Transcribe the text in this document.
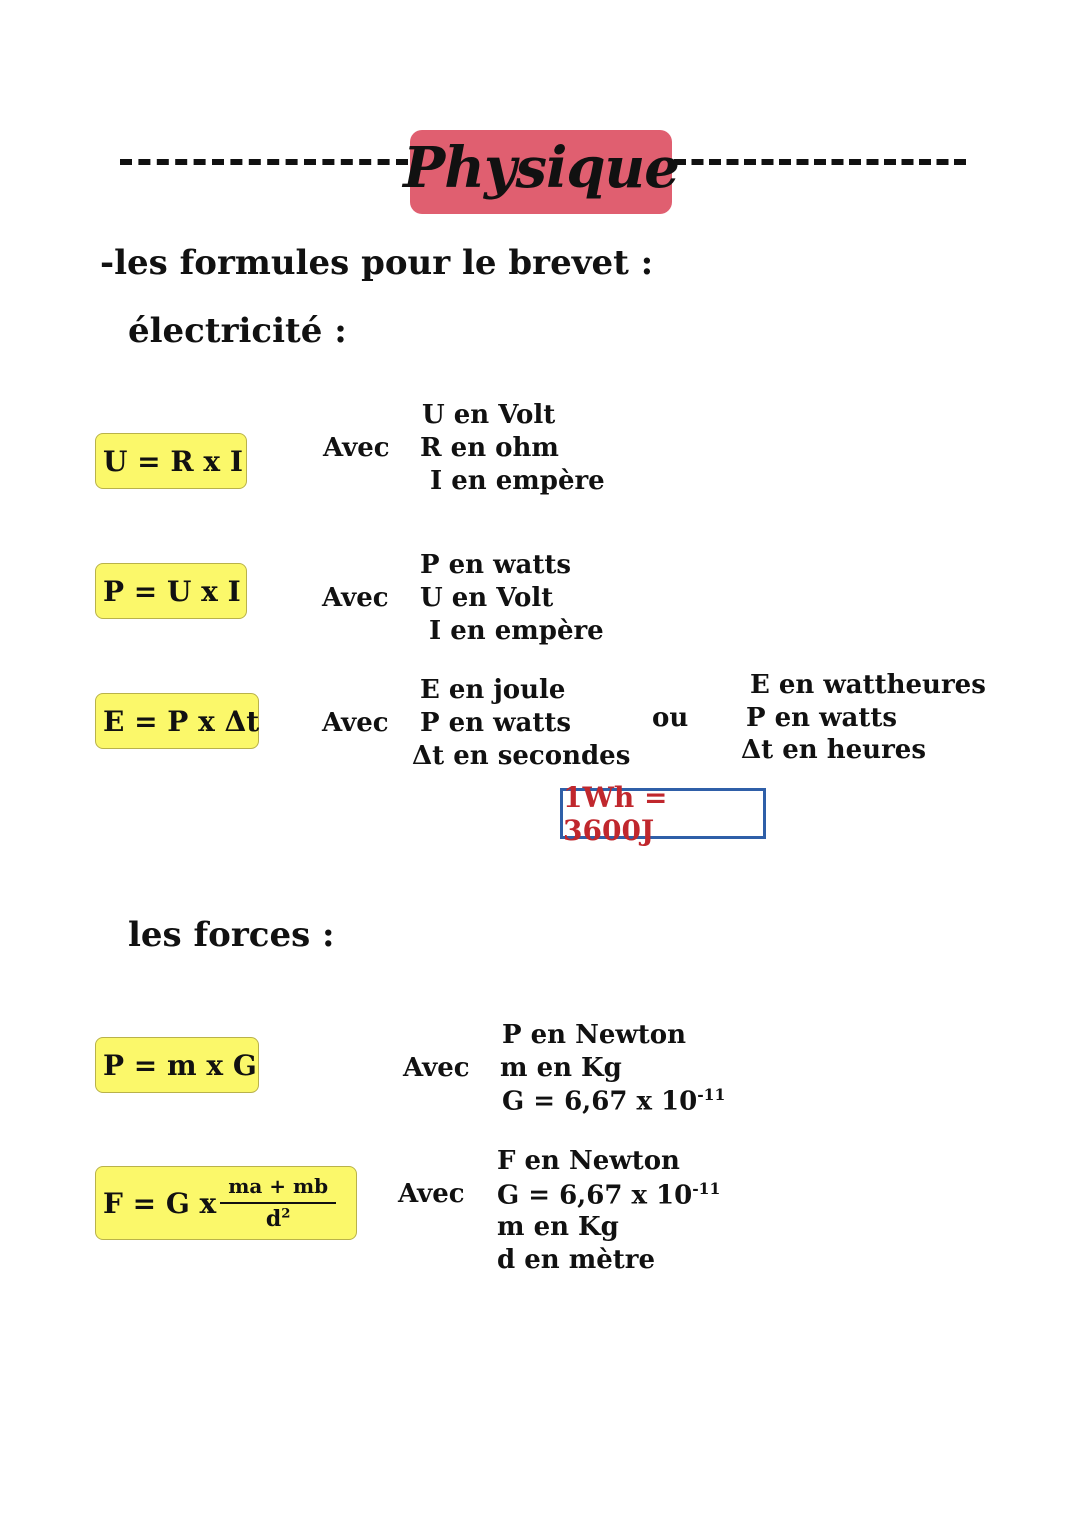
Physique
-les formules pour le brevet :
électricité :
U = R x I	Avec
U en Volt
R en ohm
I en empère
P = U x I	Avec
P en watts
U en Volt
I en empère
E = P x Δt Avec
E en joule
P en watts
Δt en secondes
ou
E en wattheures
P en watts
Δt en heures
1Wh = 3600J
les forces :
P = m x G	Avec
P en Newton
m en Kg
G = 6,67 x $10^{-11}$
F = G x $\frac{ma + mb}{d^2}$ Avec
F en Newton
G = 6,67 x $10^{-11}$
m en Kg
d en mètre
